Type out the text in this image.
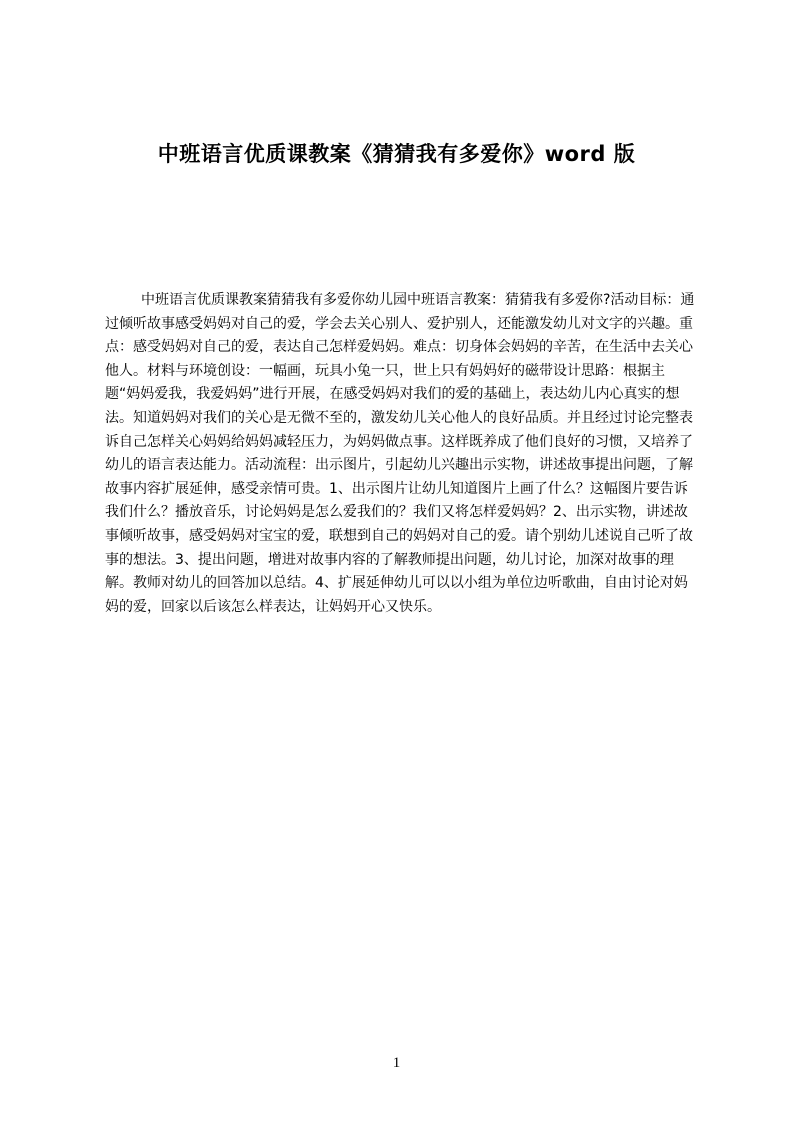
中班语言优质课教案《猜猜我有多爱你》word 版

中班语言优质课教案猜猜我有多爱你幼儿园中班语言教案：猜猜我有多爱你?活动目标：通过倾听故事感受妈妈对自己的爱，学会去关心别人、爱护别人，还能激发幼儿对文字的兴趣。重点：感受妈妈对自己的爱，表达自己怎样爱妈妈。难点：切身体会妈妈的辛苦，在生活中去关心他人。材料与环境创设：一幅画，玩具小兔一只，世上只有妈妈好的磁带设计思路：根据主题“妈妈爱我，我爱妈妈”进行开展，在感受妈妈对我们的爱的基础上，表达幼儿内心真实的想法。知道妈妈对我们的关心是无微不至的，激发幼儿关心他人的良好品质。并且经过讨论完整表诉自己怎样关心妈妈给妈妈减轻压力，为妈妈做点事。这样既养成了他们良好的习惯，又培养了幼儿的语言表达能力。活动流程：出示图片，引起幼儿兴趣出示实物，讲述故事提出问题，了解故事内容扩展延伸，感受亲情可贵。1、出示图片让幼儿知道图片上画了什么？这幅图片要告诉我们什么？播放音乐，讨论妈妈是怎么爱我们的？我们又将怎样爱妈妈？2、出示实物，讲述故事倾听故事，感受妈妈对宝宝的爱，联想到自己的妈妈对自己的爱。请个别幼儿述说自己听了故事的想法。3、提出问题，增进对故事内容的了解教师提出问题，幼儿讨论，加深对故事的理解。教师对幼儿的回答加以总结。4、扩展延伸幼儿可以以小组为单位边听歌曲，自由讨论对妈妈的爱，回家以后该怎么样表达，让妈妈开心又快乐。

1
